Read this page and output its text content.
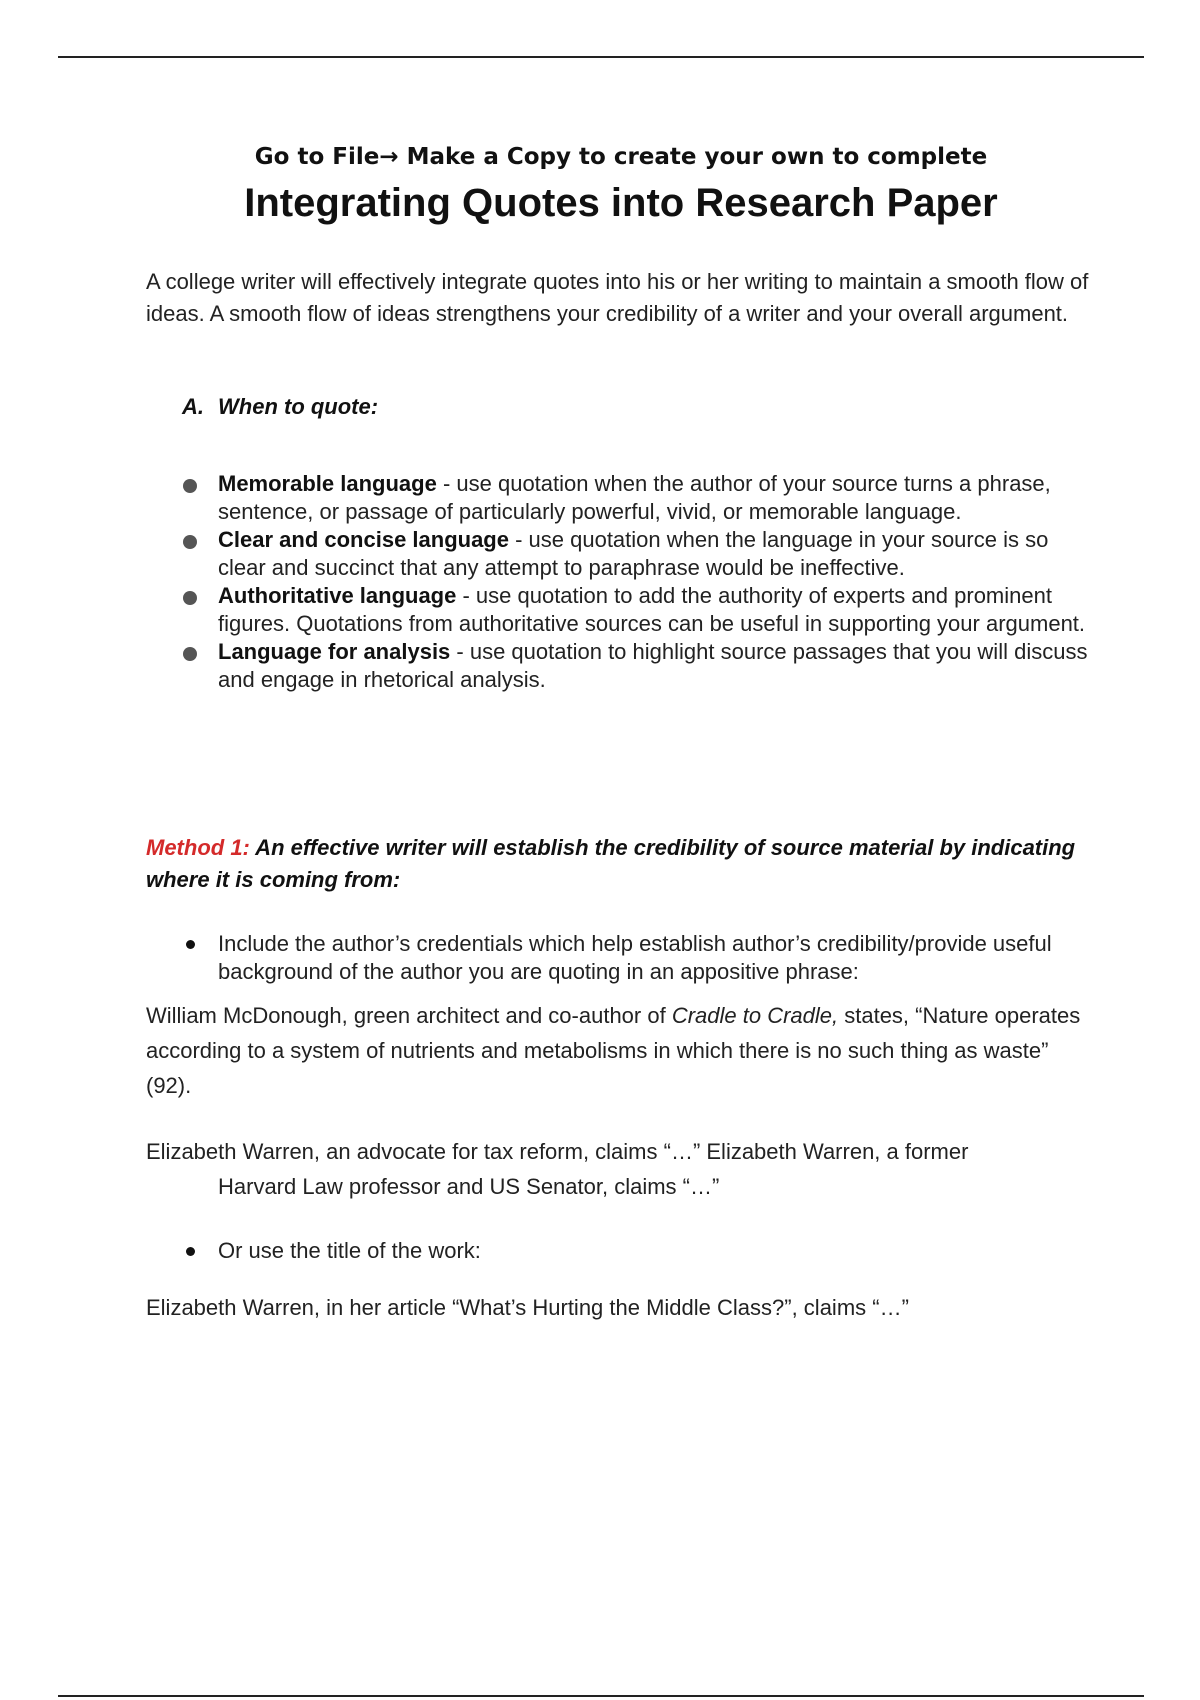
Go to File→ Make a Copy to create your own to complete
Integrating Quotes into Research Paper
A college writer will effectively integrate quotes into his or her writing to maintain a smooth flow of ideas. A smooth flow of ideas strengthens your credibility of a writer and your overall argument.
A. When to quote:
Memorable language - use quotation when the author of your source turns a phrase, sentence, or passage of particularly powerful, vivid, or memorable language.
Clear and concise language - use quotation when the language in your source is so clear and succinct that any attempt to paraphrase would be ineffective.
Authoritative language - use quotation to add the authority of experts and prominent figures. Quotations from authoritative sources can be useful in supporting your argument.
Language for analysis - use quotation to highlight source passages that you will discuss and engage in rhetorical analysis.
Method 1: An effective writer will establish the credibility of source material by indicating where it is coming from:
Include the author’s credentials which help establish author’s credibility/provide useful background of the author you are quoting in an appositive phrase:
William McDonough, green architect and co-author of Cradle to Cradle, states, “Nature operates according to a system of nutrients and metabolisms in which there is no such thing as waste” (92).
Elizabeth Warren, an advocate for tax reform, claims “…” Elizabeth Warren, a former
Harvard Law professor and US Senator, claims “…”
Or use the title of the work:
Elizabeth Warren, in her article “What’s Hurting the Middle Class?”, claims “…”
